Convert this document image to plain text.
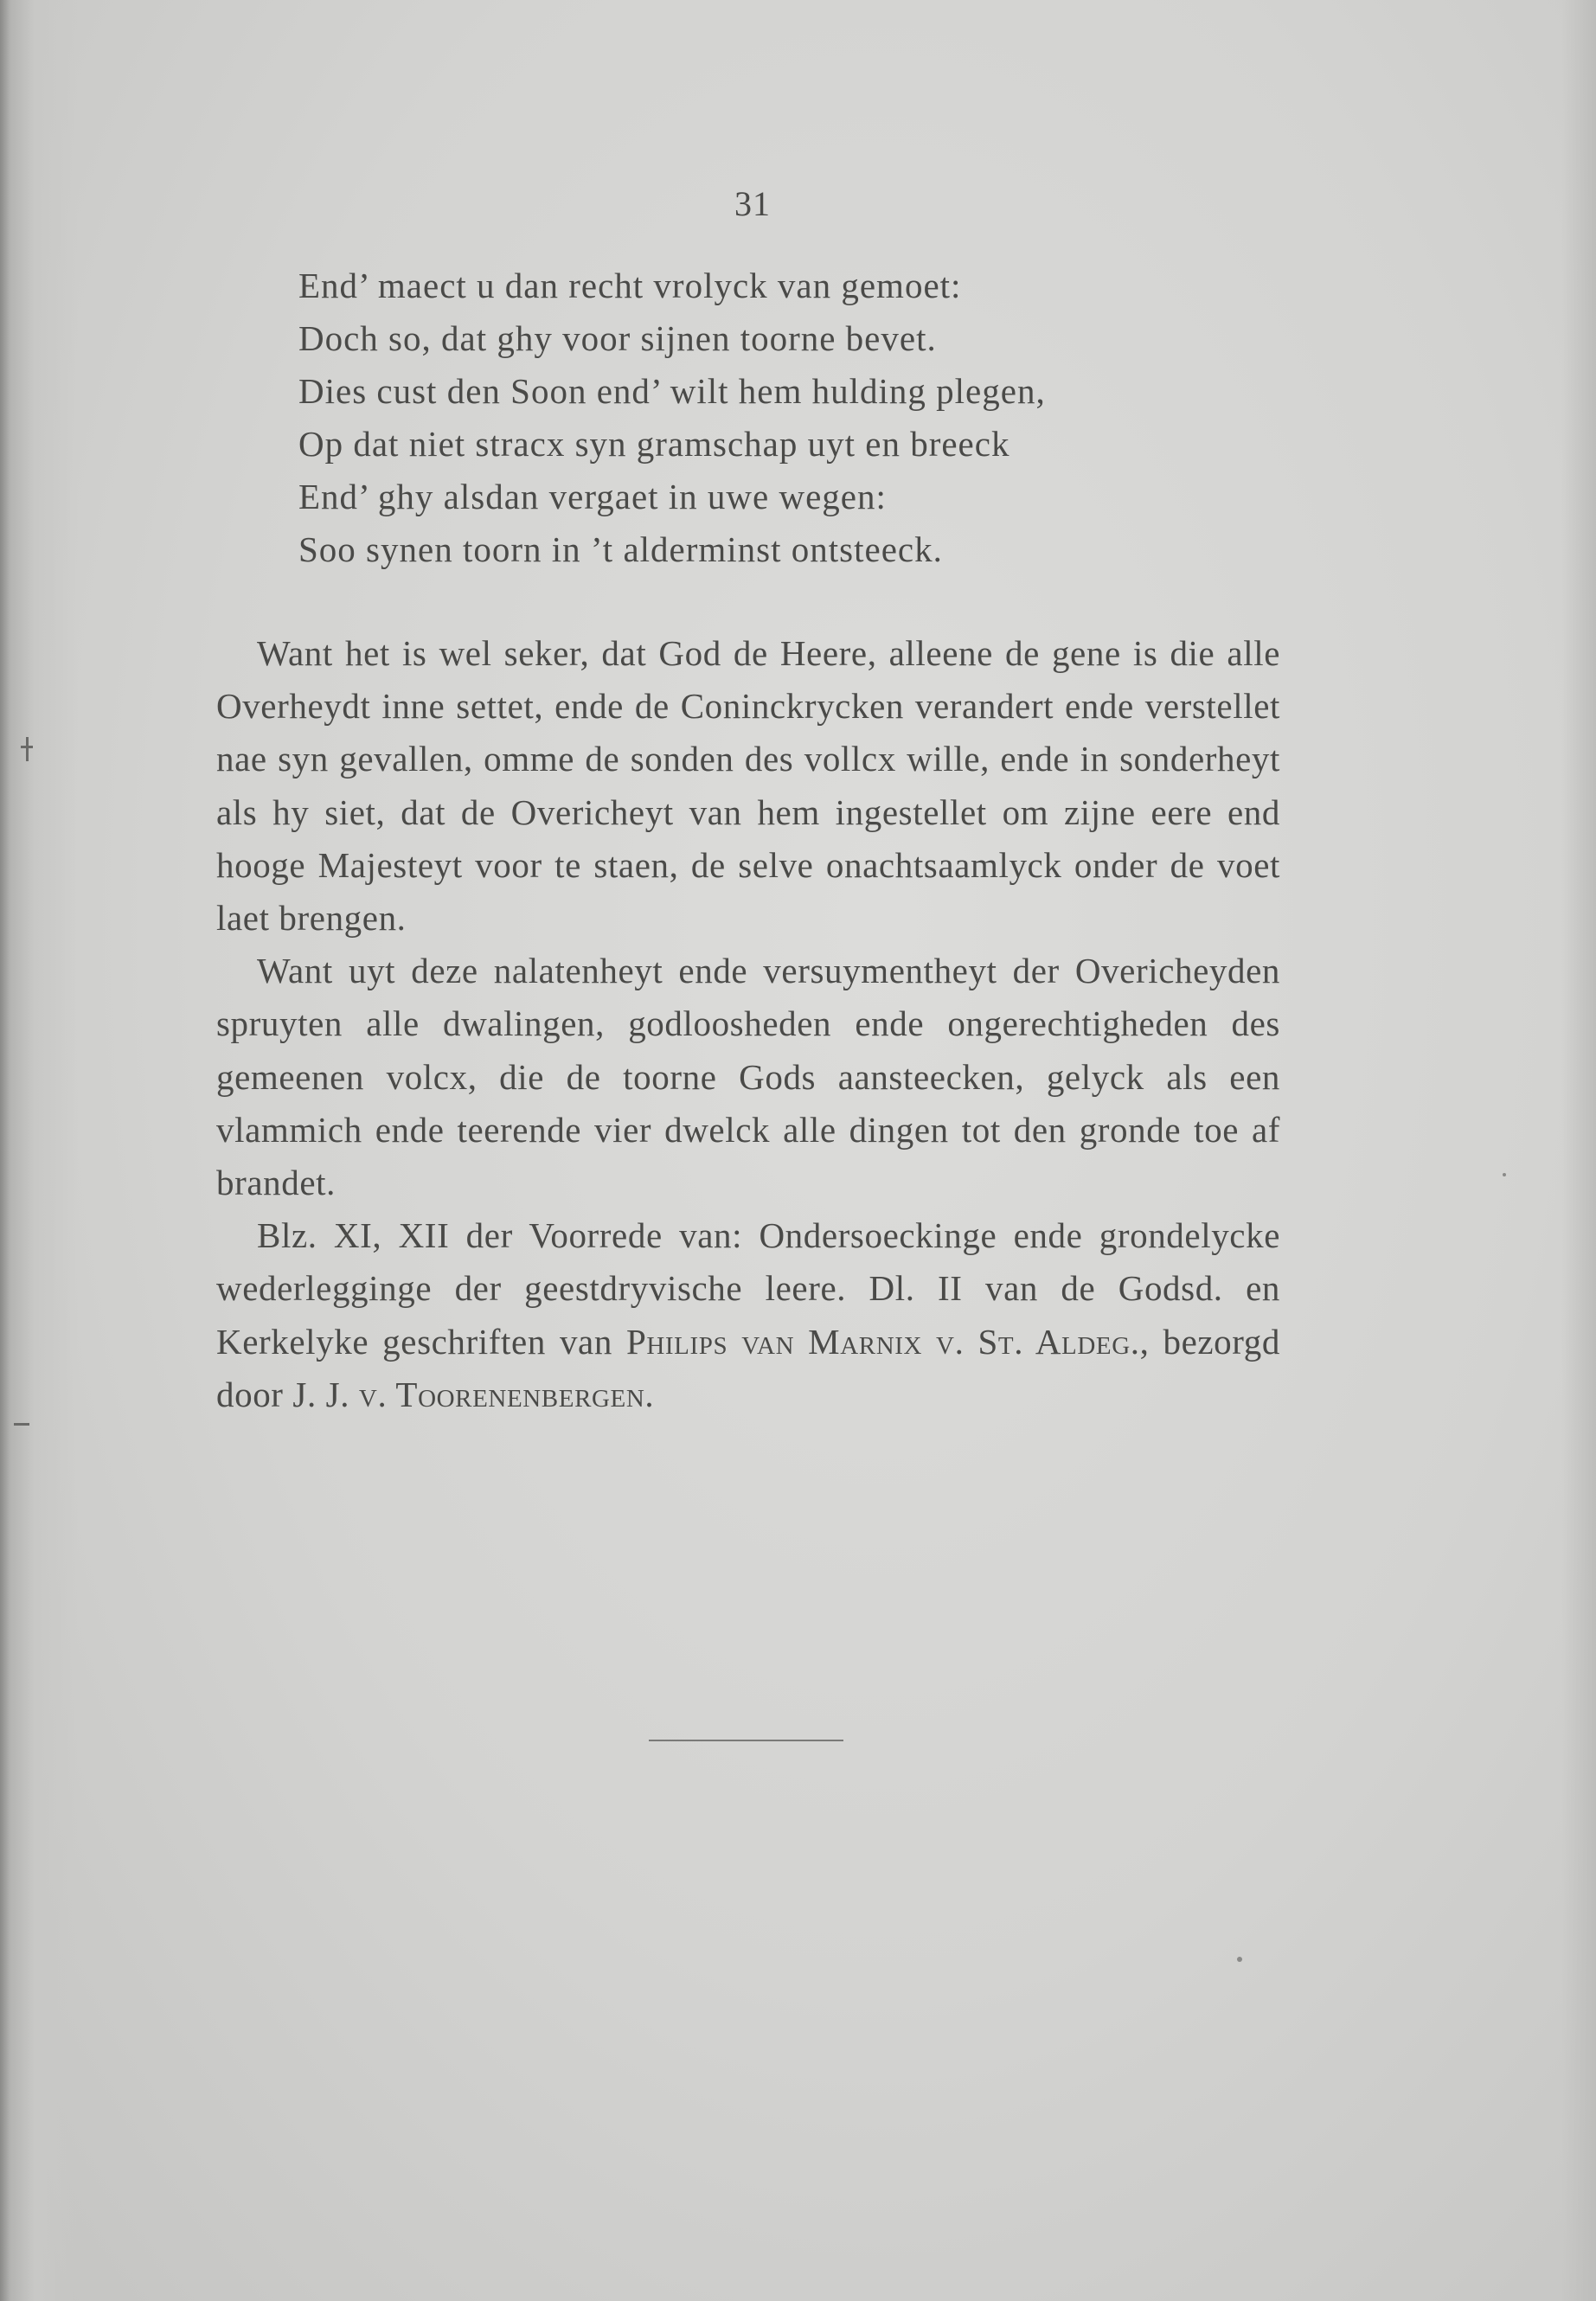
31
End’ maect u dan recht vrolyck van gemoet:
Doch so, dat ghy voor sijnen toorne bevet.
Dies cust den Soon end’ wilt hem hulding plegen,
Op dat niet stracx syn gramschap uyt en breeck
End’ ghy alsdan vergaet in uwe wegen:
Soo synen toorn in ’t alderminst ontsteeck.

Want het is wel seker, dat God de Heere, alleene de gene is die alle Overheydt inne settet, ende de Coninckrycken verandert ende verstellet nae syn gevallen, omme de sonden des vollcx wille, ende in sonderheyt als hy siet, dat de Overicheyt van hem ingestellet om zijne eere end hooge Majesteyt voor te staen, de selve onachtsaamlyck onder de voet laet brengen.

Want uyt deze nalatenheyt ende versuymentheyt der Overicheyden spruyten alle dwalingen, godloosheden ende ongerechtigheden des gemeenen volcx, die de toorne Gods aansteecken, gelyck als een vlammich ende teerende vier dwelck alle dingen tot den gronde toe af brandet.

Blz. XI, XII der Voorrede van: Ondersoeckinge ende grondelycke wederlegginge der geestdryvische leere. Dl. II van de Godsd. en Kerkelyke geschriften van Philips van Marnix v. St. Aldeg., bezorgd door J. J. v. Toorenenbergen.
